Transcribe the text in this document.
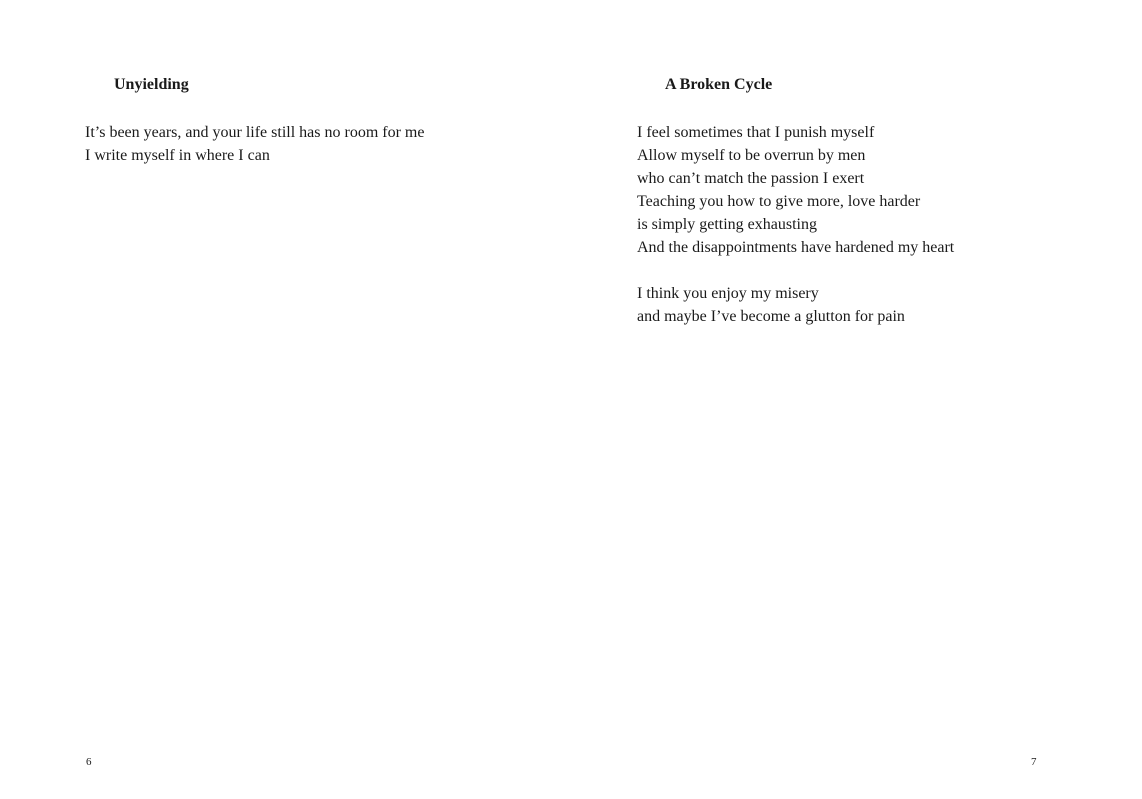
Unyielding
It’s been years, and your life still has no room for me
I write myself in where I can
6
A Broken Cycle
I feel sometimes that I punish myself
Allow myself to be overrun by men
who can’t match the passion I exert
Teaching you how to give more, love harder
is simply getting exhausting
And the disappointments have hardened my heart
I think you enjoy my misery
and maybe I’ve become a glutton for pain
7
